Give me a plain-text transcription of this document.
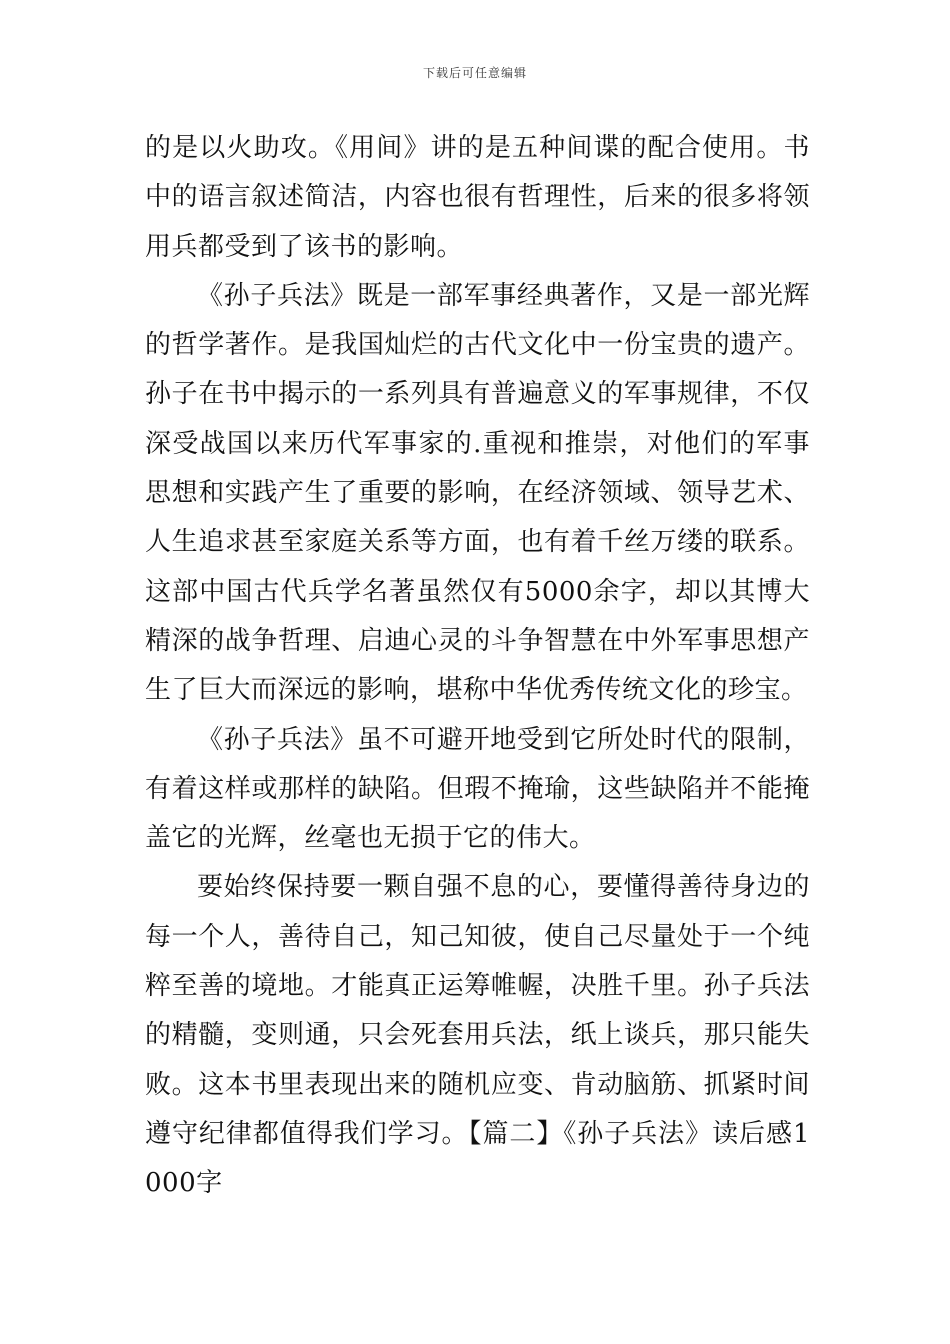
下载后可任意编辑

的是以火助攻。《用间》讲的是五种间谍的配合使用。书中的语言叙述简洁，内容也很有哲理性，后来的很多将领用兵都受到了该书的影响。

《孙子兵法》既是一部军事经典著作，又是一部光辉的哲学著作。是我国灿烂的古代文化中一份宝贵的遗产。孙子在书中揭示的一系列具有普遍意义的军事规律，不仅深受战国以来历代军事家的.重视和推崇，对他们的军事思想和实践产生了重要的影响，在经济领域、领导艺术、人生追求甚至家庭关系等方面，也有着千丝万缕的联系。这部中国古代兵学名著虽然仅有5000余字，却以其博大精深的战争哲理、启迪心灵的斗争智慧在中外军事思想产生了巨大而深远的影响，堪称中华优秀传统文化的珍宝。

《孙子兵法》虽不可避开地受到它所处时代的限制，有着这样或那样的缺陷。但瑕不掩瑜，这些缺陷并不能掩盖它的光辉，丝毫也无损于它的伟大。

要始终保持要一颗自强不息的心，要懂得善待身边的每一个人，善待自己，知己知彼，使自己尽量处于一个纯粹至善的境地。才能真正运筹帷幄，决胜千里。孙子兵法的精髓，变则通，只会死套用兵法，纸上谈兵，那只能失败。这本书里表现出来的随机应变、肯动脑筋、抓紧时间遵守纪律都值得我们学习。【篇二】《孙子兵法》读后感1000字
